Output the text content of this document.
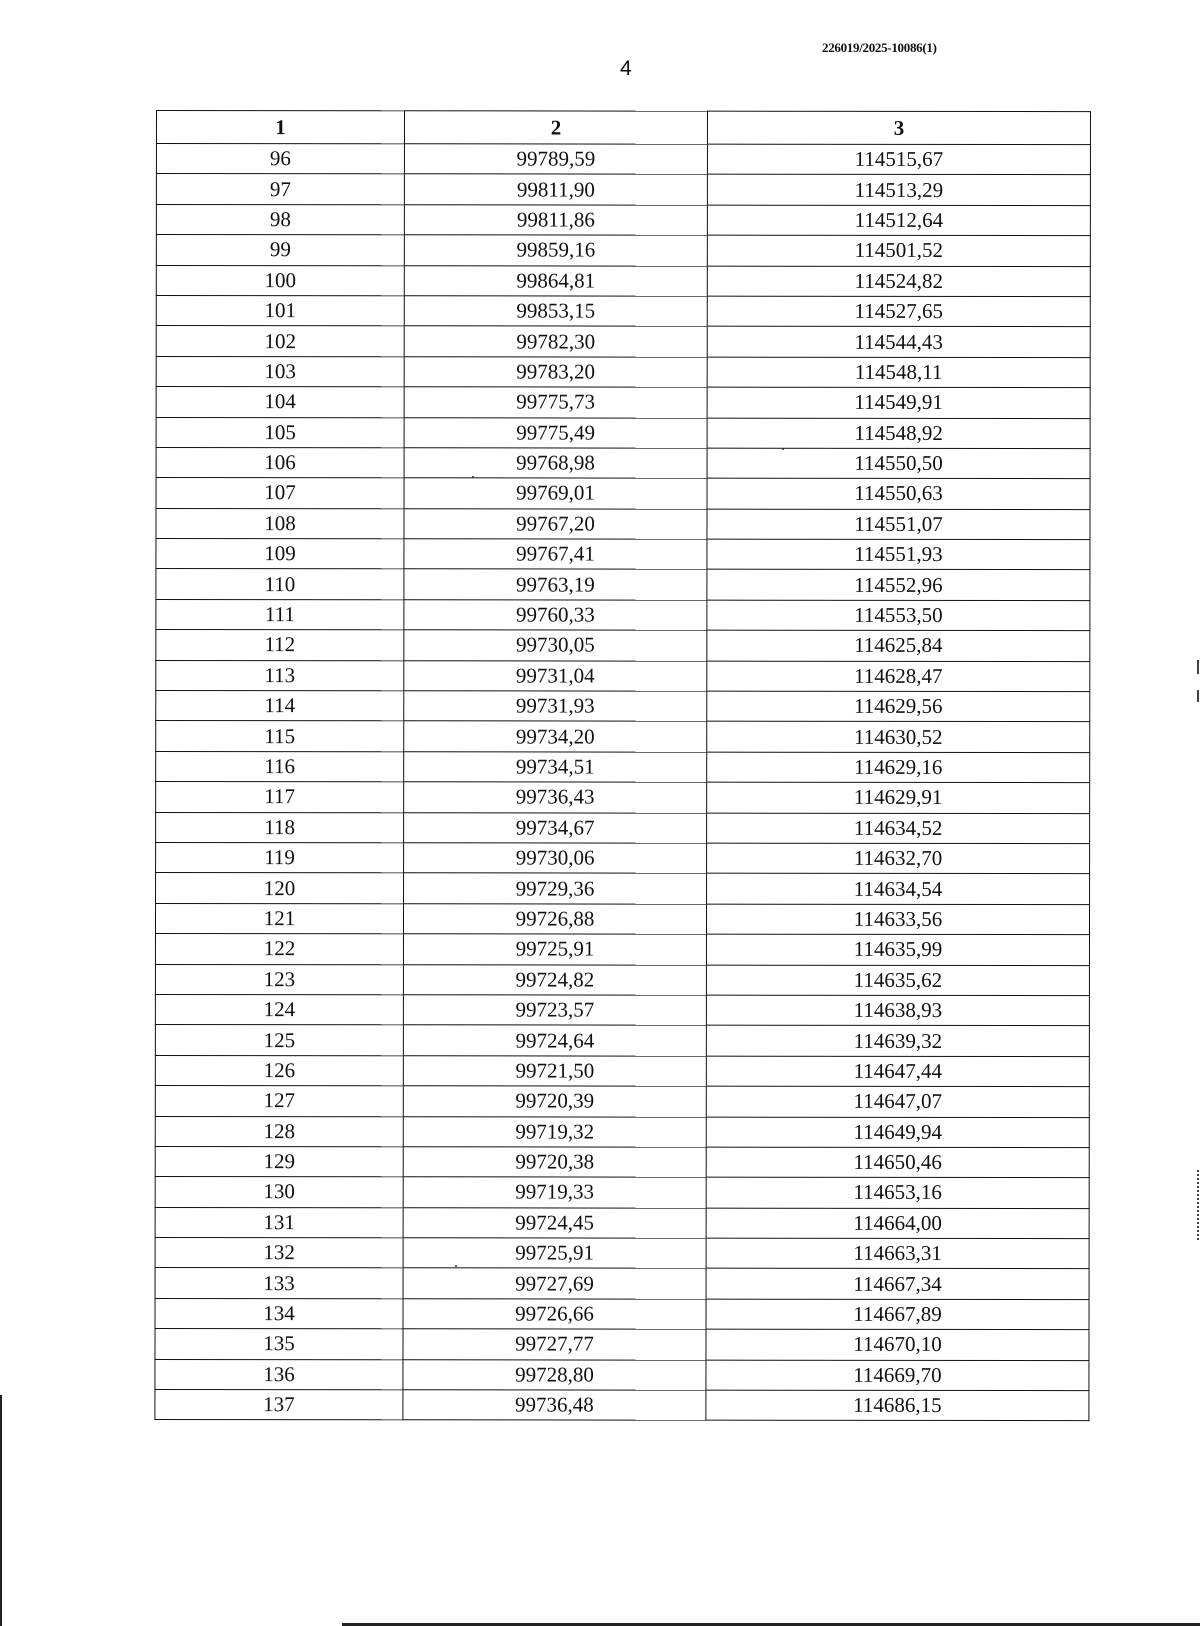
226019/2025-10086(1)
4
1	2	3
96	99789,59	114515,67
97	99811,90	114513,29
98	99811,86	114512,64
99	99859,16	114501,52
100	99864,81	114524,82
101	99853,15	114527,65
102	99782,30	114544,43
103	99783,20	114548,11
104	99775,73	114549,91
105	99775,49	114548,92
106	99768,98	114550,50
107	99769,01	114550,63
108	99767,20	114551,07
109	99767,41	114551,93
110	99763,19	114552,96
111	99760,33	114553,50
112	99730,05	114625,84
113	99731,04	114628,47
114	99731,93	114629,56
115	99734,20	114630,52
116	99734,51	114629,16
117	99736,43	114629,91
118	99734,67	114634,52
119	99730,06	114632,70
120	99729,36	114634,54
121	99726,88	114633,56
122	99725,91	114635,99
123	99724,82	114635,62
124	99723,57	114638,93
125	99724,64	114639,32
126	99721,50	114647,44
127	99720,39	114647,07
128	99719,32	114649,94
129	99720,38	114650,46
130	99719,33	114653,16
131	99724,45	114664,00
132	99725,91	114663,31
133	99727,69	114667,34
134	99726,66	114667,89
135	99727,77	114670,10
136	99728,80	114669,70
137	99736,48	114686,15
